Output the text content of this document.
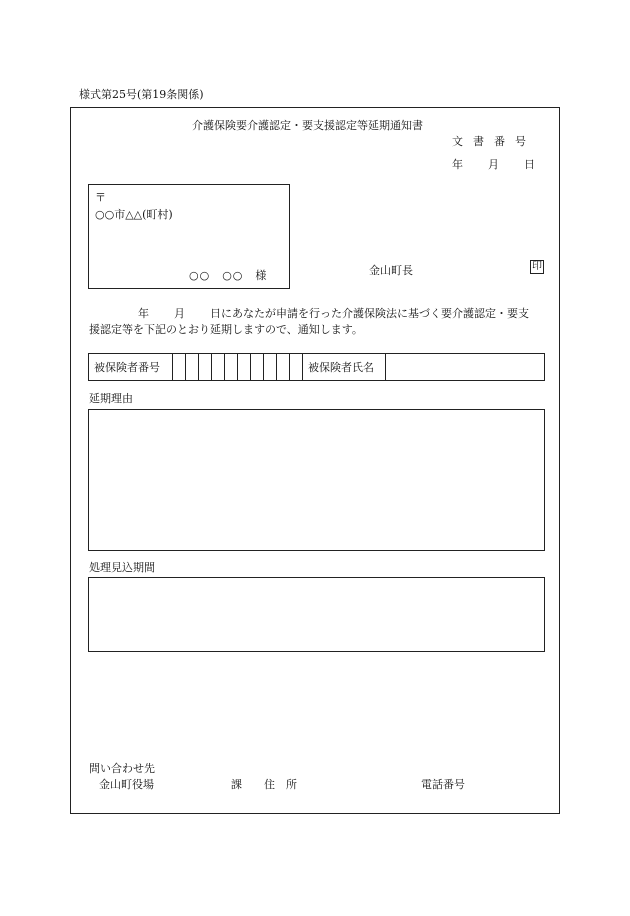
様式第25号(第19条関係)
介護保険要介護認定・要支援認定等延期通知書
文書番号
年 月 日
〒
○○市△△(町村)
○○　○○　様	金山町長	印
年 月 日にあなたが申請を行った介護保険法に基づく要介護認定・要支
援認定等を下記のとおり延期しますので、通知します。
被保険者番号	被保険者氏名
延期理由
処理見込期間
問い合わせ先
金山町役場	課　　住　所	電話番号
